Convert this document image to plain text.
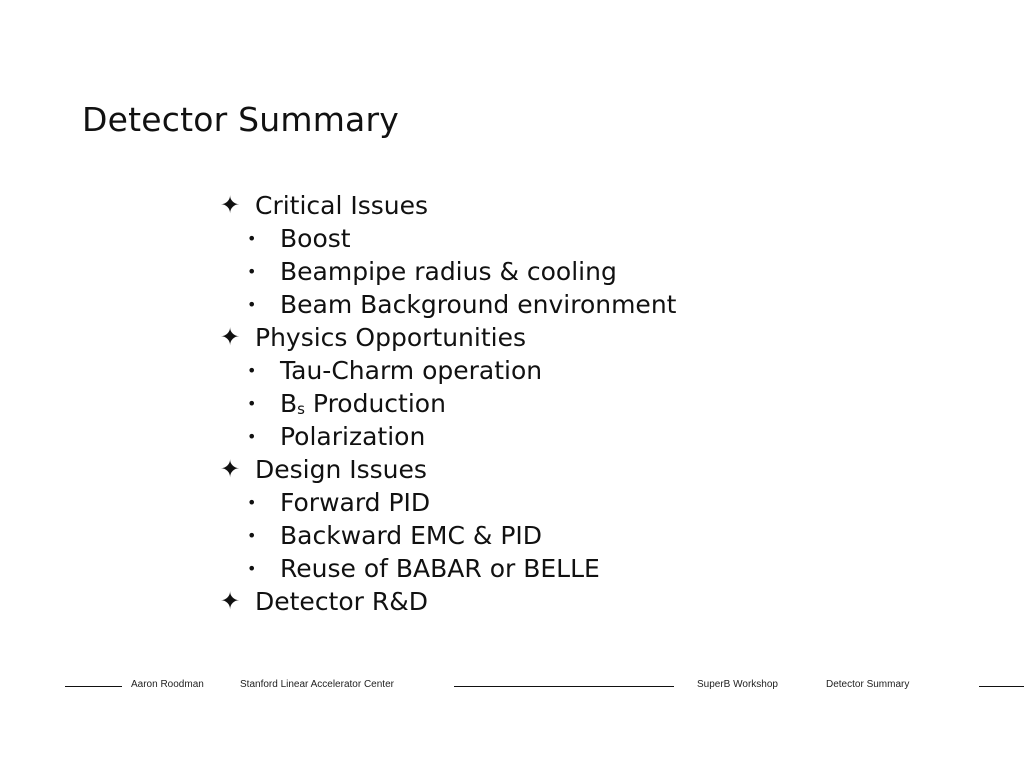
Detector Summary
✦ Critical Issues
• Boost
• Beampipe radius & cooling
• Beam Background environment
✦ Physics Opportunities
• Tau-Charm operation
• $B_s$ Production
• Polarization
✦ Design Issues
• Forward PID
• Backward EMC & PID
• Reuse of BABAR or BELLE
✦ Detector R&D
Aaron Roodman	Stanford Linear Accelerator Center	SuperB Workshop	Detector Summary
